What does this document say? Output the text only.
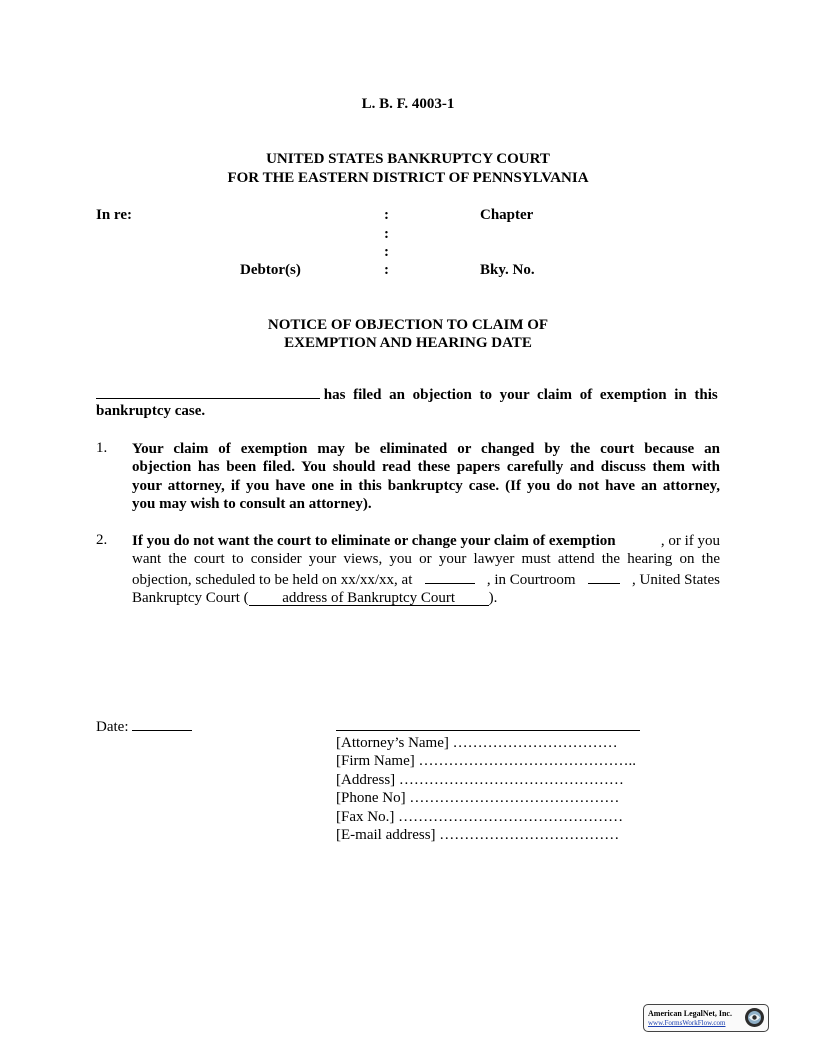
L. B. F. 4003-1
UNITED STATES BANKRUPTCY COURT
FOR THE EASTERN DISTRICT OF PENNSYLVANIA
In re:	:	Chapter
:
:
Debtor(s)	:	Bky. No.
NOTICE OF OBJECTION TO CLAIM OF
EXEMPTION AND HEARING DATE
has filed an objection to your claim of exemption in this
bankruptcy case.
1. Your claim of exemption may be eliminated or changed by the court because an
objection has been filed. You should read these papers carefully and discuss them with
your attorney, if you have one in this bankruptcy case. (If you do not have an attorney,
you may wish to consult an attorney).
2. If you do not want the court to eliminate or change your claim of exemption	, or if you
want the court to consider your views, you or your lawyer must attend the hearing on the
objection, scheduled to be held on xx/xx/xx, at	, in Courtroom	, United States
Bankruptcy Court ( address of Bankruptcy Court ).
Date:
[Attorney’s Name] ……………………………
[Firm Name] ……………………………………..
[Address] ………………………………………
[Phone No] ……………………………………
[Fax No.] ………………………………………
[E-mail address] ………………………………
American LegalNet, Inc.
www.FormsWorkFlow.com
